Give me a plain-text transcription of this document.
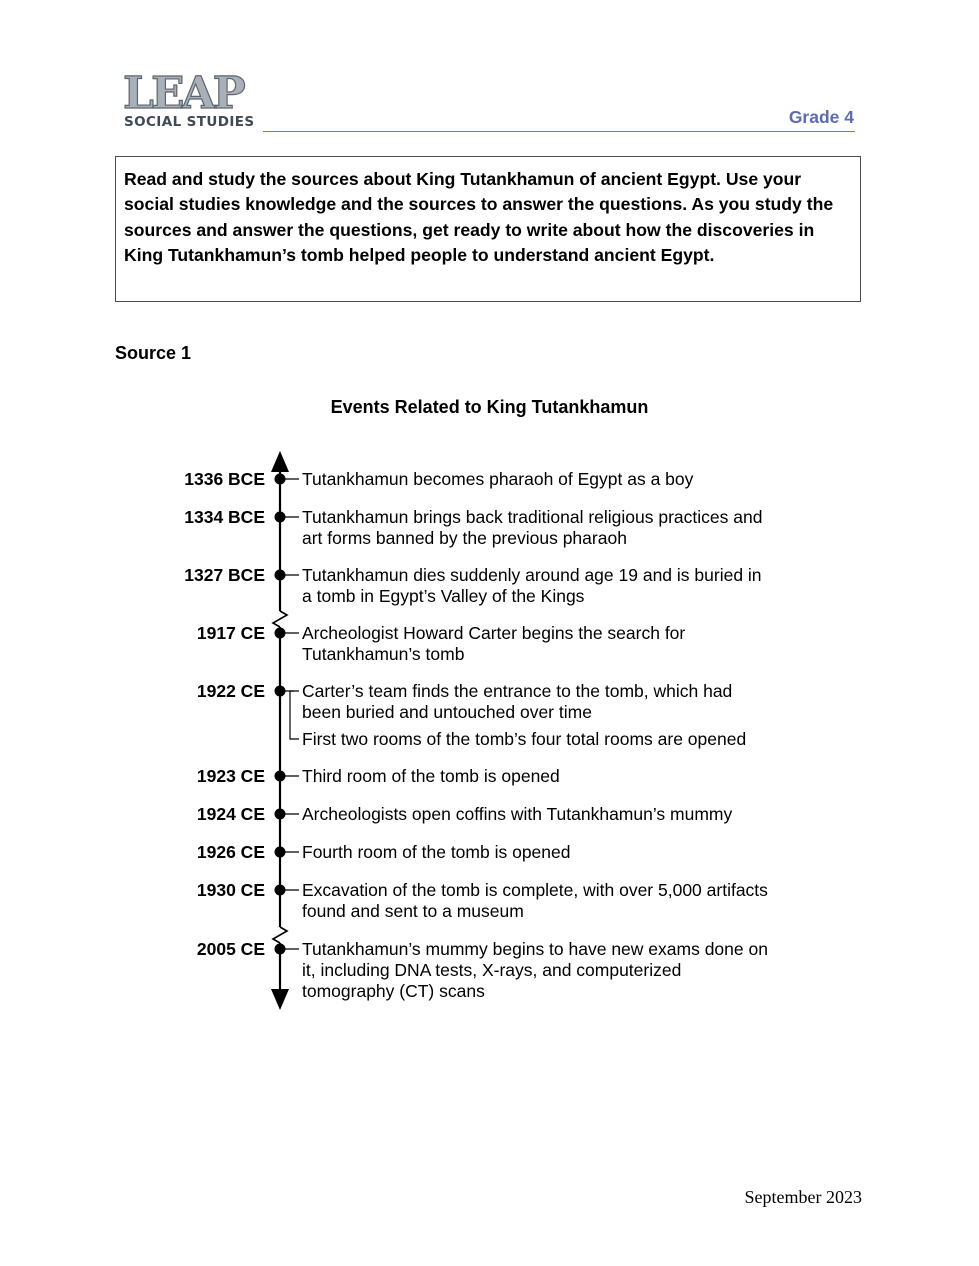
LEAP
SOCIAL STUDIES	Grade 4
Read and study the sources about King Tutankhamun of ancient Egypt. Use your social studies knowledge and the sources to answer the questions. As you study the sources and answer the questions, get ready to write about how the discoveries in King Tutankhamun’s tomb helped people to understand ancient Egypt.
Source 1
Events Related to King Tutankhamun
1336 BCE Tutankhamun becomes pharaoh of Egypt as a boy
1334 BCE Tutankhamun brings back traditional religious practices and
art forms banned by the previous pharaoh
1327 BCE Tutankhamun dies suddenly around age 19 and is buried in
a tomb in Egypt’s Valley of the Kings
1917 CE Archeologist Howard Carter begins the search for
Tutankhamun’s tomb
1922 CE Carter’s team finds the entrance to the tomb, which had
been buried and untouched over time
First two rooms of the tomb’s four total rooms are opened
1923 CE Third room of the tomb is opened
1924 CE Archeologists open coffins with Tutankhamun’s mummy
1926 CE Fourth room of the tomb is opened
1930 CE Excavation of the tomb is complete, with over 5,000 artifacts
found and sent to a museum
2005 CE Tutankhamun’s mummy begins to have new exams done on
it, including DNA tests, X-rays, and computerized
tomography (CT) scans
September 2023
